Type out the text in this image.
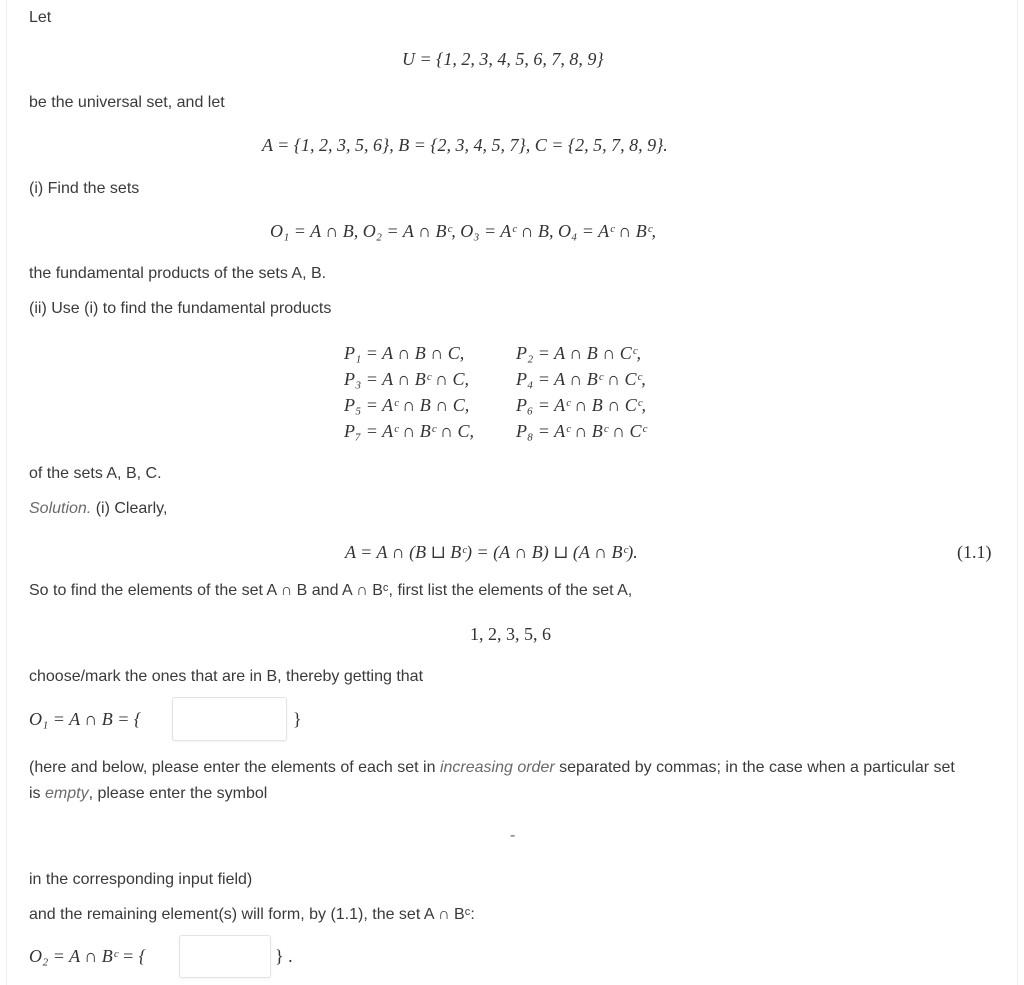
Let
U = {1, 2, 3, 4, 5, 6, 7, 8, 9}
be the universal set, and let
A = {1, 2, 3, 5, 6}, B = {2, 3, 4, 5, 7}, C = {2, 5, 7, 8, 9}.
(i) Find the sets
O₁ = A ∩ B, O₂ = A ∩ Bᶜ, O₃ = Aᶜ ∩ B, O₄ = Aᶜ ∩ Bᶜ,
the fundamental products of the sets A, B.
(ii) Use (i) to find the fundamental products
P₁ = A ∩ B ∩ C,	P₂ = A ∩ B ∩ Cᶜ,
P₃ = A ∩ Bᶜ ∩ C,	P₄ = A ∩ Bᶜ ∩ Cᶜ,
P₅ = Aᶜ ∩ B ∩ C,	P₆ = Aᶜ ∩ B ∩ Cᶜ,
P₇ = Aᶜ ∩ Bᶜ ∩ C, P₈ = Aᶜ ∩ Bᶜ ∩ Cᶜ
of the sets A, B, C.
Solution. (i) Clearly,
A = A ∩ (B ⊔ Bᶜ) = (A ∩ B) ⊔ (A ∩ Bᶜ).	(1.1)
So to find the elements of the set A ∩ B and A ∩ Bᶜ, first list the elements of the set A,
1, 2, 3, 5, 6
choose/mark the ones that are in B, thereby getting that
O₁ = A ∩ B = {	}
(here and below, please enter the elements of each set in increasing order separated by commas; in the case when a particular set
is empty, please enter the symbol
-
in the corresponding input field)
and the remaining element(s) will form, by (1.1), the set A ∩ Bᶜ:
O₂ = A ∩ Bᶜ = {	} .
